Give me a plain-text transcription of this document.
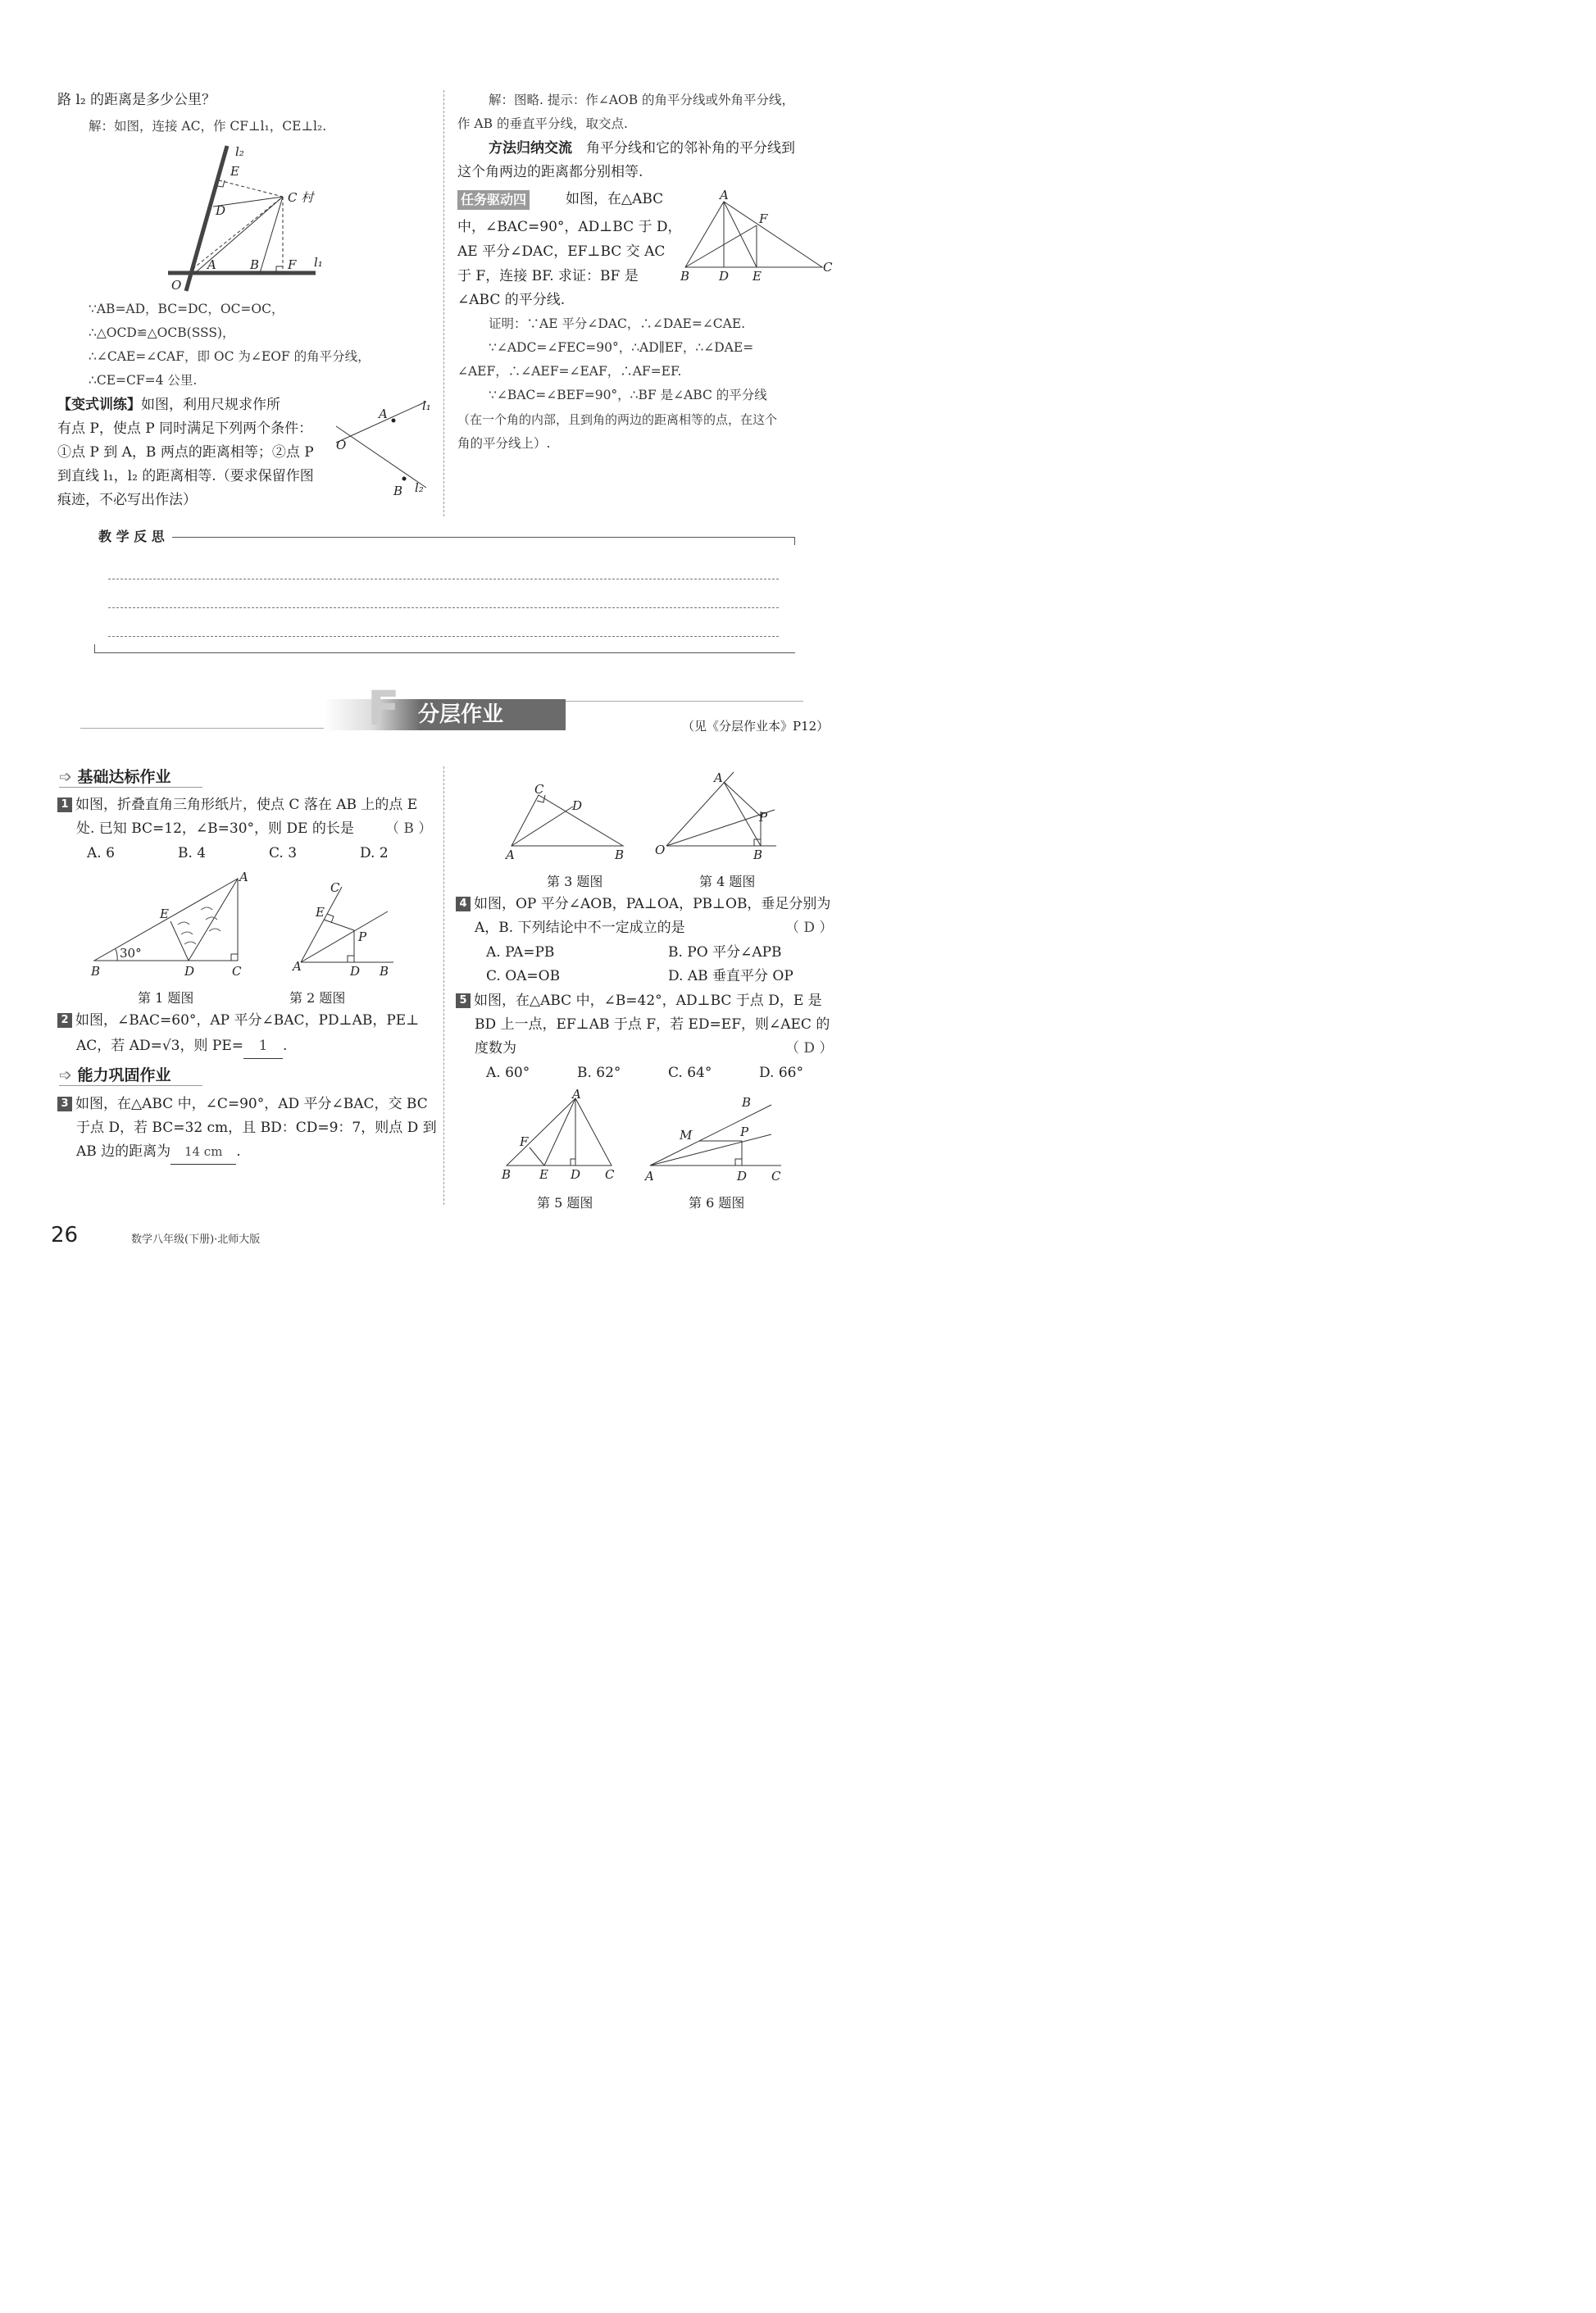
路 l₂ 的距离是多少公里？
解：如图，连接 AC，作 CF⊥l₁，CE⊥l₂.
l₂
E
C 村
D
A	B F l₁
O
∵AB=AD，BC=DC，OC=OC，
∴△OCD≌△OCB(SSS)，
∴∠CAE=∠CAF，即 OC 为∠EOF 的角平分线，
∴CE=CF=4 公里.
【变式训练】如图，利用尺规求作所
有点 P，使点 P 同时满足下列两个条件：
①点 P 到 A，B 两点的距离相等；②点 P
到直线 l₁，l₂ 的距离相等.（要求保留作图
痕迹，不必写出作法）
A
l₁
O
B l₂
解：图略. 提示：作∠AOB 的角平分线或外角平分线，
作 AB 的垂直平分线，取交点.
方法归纳交流　 角平分线和它的邻补角的平分线到
这个角两边的距离都分别相等.
任务驱动四	如图，在△ABC
中，∠BAC=90°，AD⊥BC 于 D，
AE 平分∠DAC，EF⊥BC 交 AC
于 F，连接 BF. 求证：BF 是
∠ABC 的平分线.
A
F
B D E
C
证明：∵AE 平分∠DAC，∴∠DAE=∠CAE.
∵∠ADC=∠FEC=90°，∴AD∥EF，∴∠DAE=
∠AEF，∴∠AEF=∠EAF，∴AF=EF.
∵∠BAC=∠BEF=90°，∴BF 是∠ABC 的平分线
（在一个角的内部，且到角的两边的距离相等的点，在这个
角的平分线上）.
教 学 反 思
F 分层作业	（见《分层作业本》P12）
➩ 基础达标作业
1 如图，折叠直角三角形纸片，使点 C 落在 AB 上的点 E
处. 已知 BC=12，∠B=30°，则 DE 的长是 （ B ）
A. 6	B. 4	C. 3	D. 2
A
E
30°
B	D	C
第 1 题图
C
E
P
A	D B
第 2 题图
2 如图，∠BAC=60°，AP 平分∠BAC，PD⊥AB，PE⊥
AC，若 AD=√3，则 PE= 1 .
➩ 能力巩固作业
3 如图，在△ABC 中，∠C=90°，AD 平分∠BAC，交 BC
于点 D，若 BC=32 cm，且 BD：CD=9：7，则点 D 到
AB 边的距离为 14 cm .
C
D
A	B
第 3 题图
A
P
O	B
第 4 题图
4 如图，OP 平分∠AOB，PA⊥OA，PB⊥OB，垂足分别为
A，B. 下列结论中不一定成立的是	（ D ）
A. PA=PB	B. PO 平分∠APB
C. OA=OB	D. AB 垂直平分 OP
5 如图，在△ABC 中，∠B=42°，AD⊥BC 于点 D，E 是
BD 上一点，EF⊥AB 于点 F，若 ED=EF，则∠AEC 的
度数为	（ D ）
A. 60°	B. 62°	C. 64°	D. 66°
A
F
B E D C
第 5 题图
B
M	P
A	D C
第 6 题图
26	数学八年级(下册)·北师大版
